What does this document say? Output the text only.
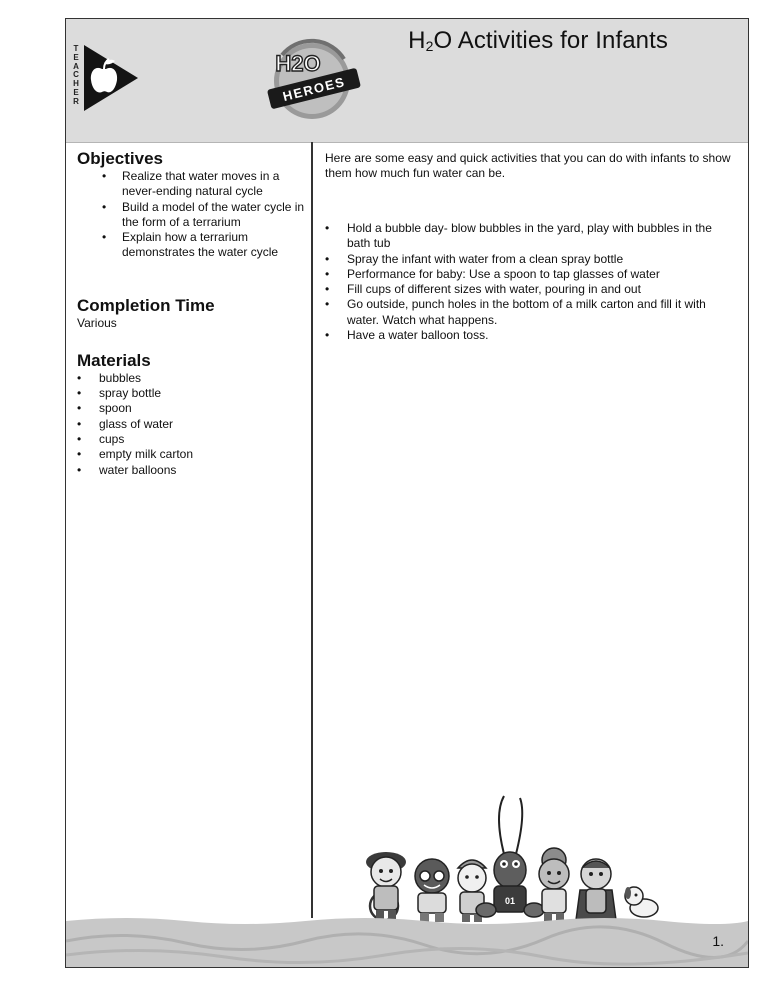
T
E
A
C
H
E
R
H2O
HEROES
$H_2O$ Activities for Infants
Objectives
• Realize that water moves in a never-ending natural cycle
• Build a model of the water cycle in the form of a terrarium
• Explain how a terrarium demonstrates the water cycle
Completion Time

Various

Materials
• bubbles
• spray bottle
• spoon
• glass of water
• cups
• empty milk carton
• water balloons

Here are some easy and quick activities that you can do with infants to show them how much fun water can be.

• Hold a bubble day- blow bubbles in the yard, play with bubbles in the bath tub
• Spray the infant with water from a clean spray bottle
• Performance for baby: Use a spoon to tap glasses of water
• Fill cups of different sizes with water, pouring in and out
• Go outside, punch holes in the bottom of a milk carton and fill it with water. Watch what happens.
• Have a water balloon toss.
01
1.
